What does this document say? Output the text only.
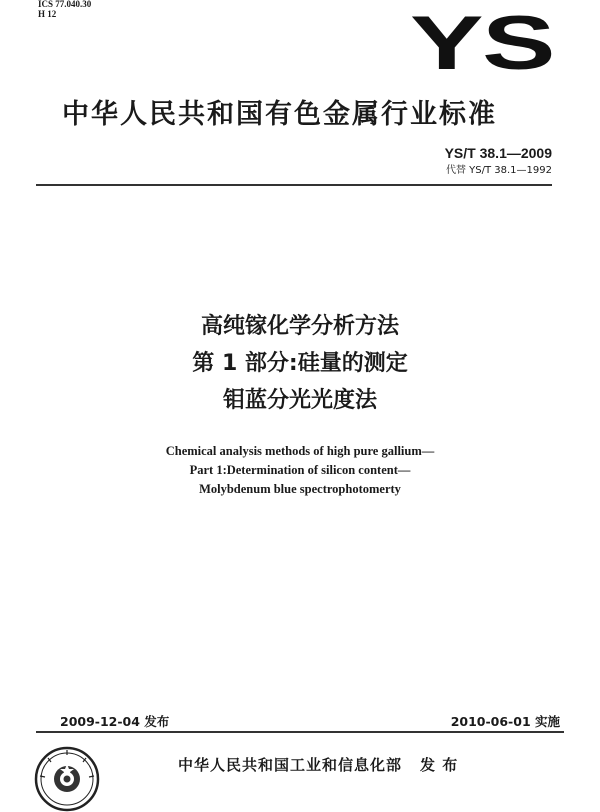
ICS 77.040.30
H 12	YS
中华人民共和国有色金属行业标准
YS/T 38.1—2009
代替 YS/T 38.1—1992
高纯镓化学分析方法
第 1 部分:硅量的测定
钼蓝分光光度法
Chemical analysis methods of high pure gallium—
Part 1:Determination of silicon content—
Molybdenum blue spectrophotomerty
2009-12-04 发布	2010-06-01 实施
中华人民共和国工业和信息化部 发 布
